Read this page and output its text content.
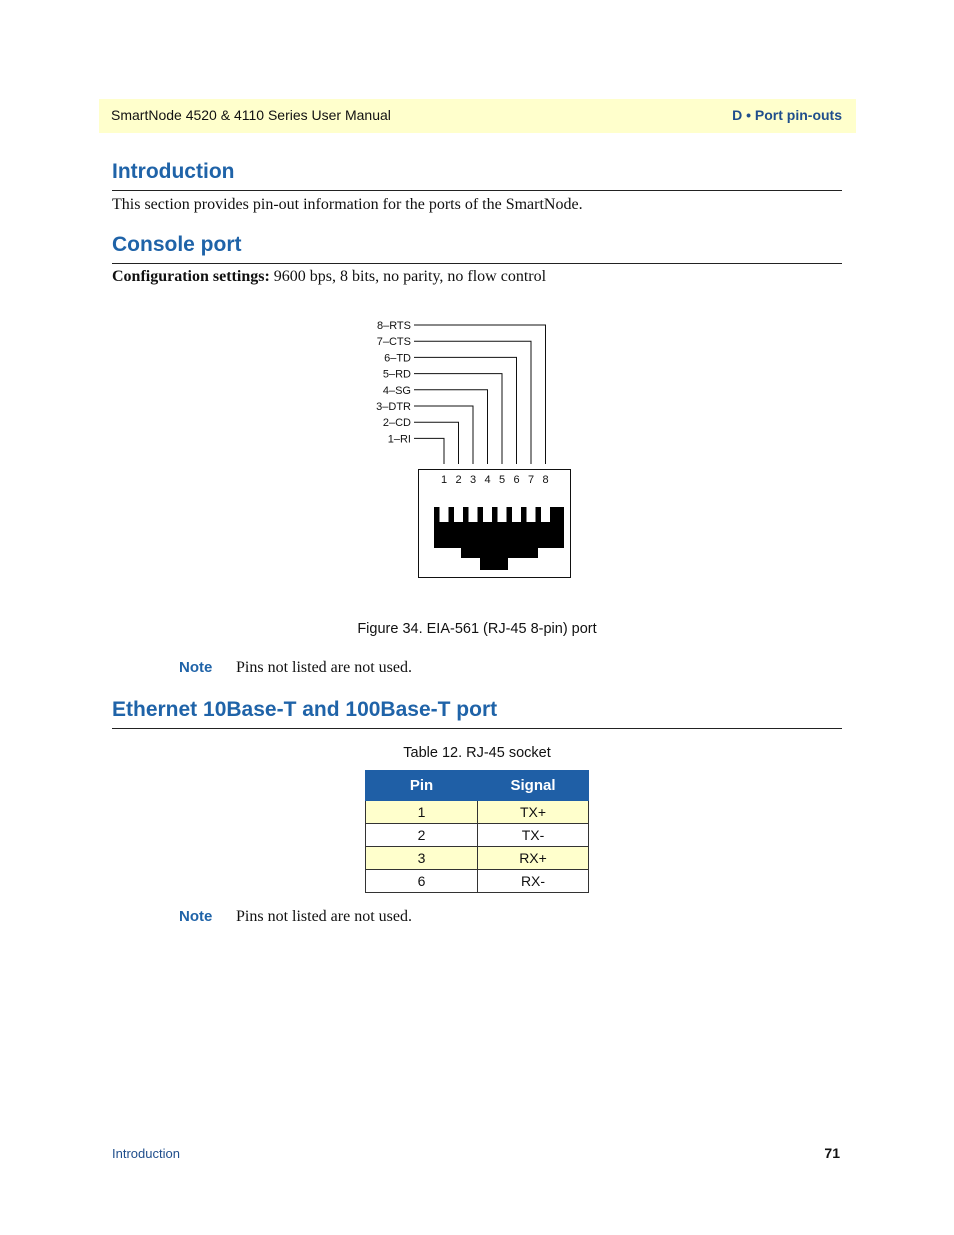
SmartNode 4520 & 4110 Series User Manual	D • Port pin-outs
Introduction
This section provides pin-out information for the ports of the SmartNode.
Console port
Configuration settings: 9600 bps, 8 bits, no parity, no flow control
8–RTS
7–CTS
6–TD
5–RD
4–SG
3–DTR
2–CD
1–RI
1 2 3 4 5 6 7 8
Figure 34. EIA-561 (RJ-45 8-pin) port
Note Pins not listed are not used.
Ethernet 10Base-T and 100Base-T port
Table 12. RJ-45 socket
Pin	Signal
1	TX+
2	TX-
3	RX+
6	RX-
Note Pins not listed are not used.
Introduction	71
